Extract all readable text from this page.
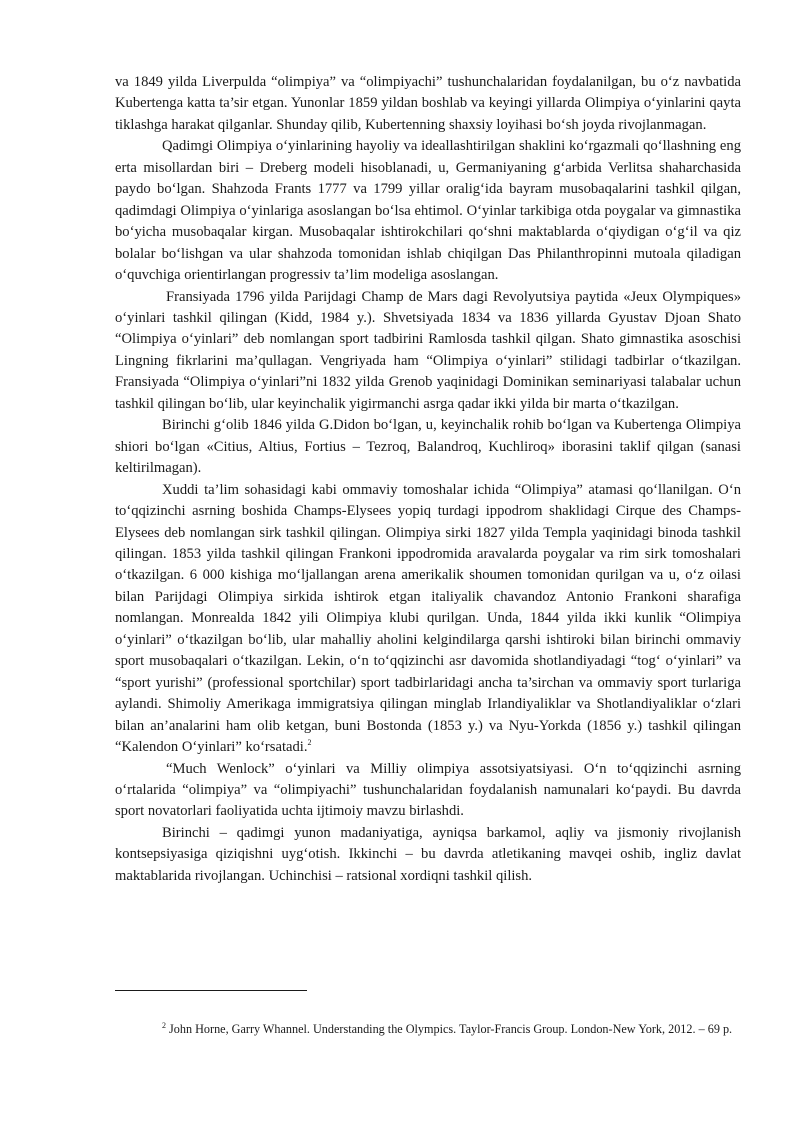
va 1849 yilda Liverpulda “olimpiya” va “olimpiyachi” tushunchalaridan foydalanilgan, bu o‘z navbatida Kubertenga katta ta’sir etgan. Yunonlar 1859 yildan boshlab va keyingi yillarda Olimpiya o‘yinlarini qayta tiklashga harakat qilganlar. Shunday qilib, Kubertenning shaxsiy loyihasi bo‘sh joyda rivojlanmagan.

Qadimgi Olimpiya o‘yinlarining hayoliy va ideallashtirilgan shaklini ko‘rgazmali qo‘llashning eng erta misollardan biri – Dreberg modeli hisoblanadi, u, Germaniyaning g‘arbida Verlitsa shaharchasida paydo bo‘lgan. Shahzoda Frants 1777 va 1799 yillar oralig‘ida bayram musobaqalarini tashkil qilgan, qadimdagi Olimpiya o‘yinlariga asoslangan bo‘lsa ehtimol. O‘yinlar tarkibiga otda poygalar va gimnastika bo‘yicha musobaqalar kirgan. Musobaqalar ishtirokchilari qo‘shni maktablarda o‘qiydigan o‘g‘il va qiz bolalar bo‘lishgan va ular shahzoda tomonidan ishlab chiqilgan Das Philanthropinni mutoala qiladigan o‘quvchiga orientirlangan progressiv ta’lim modeliga asoslangan.

Fransiyada 1796 yilda Parijdagi Champ de Mars dagi Revolyutsiya paytida «Jeux Olympiques» o‘yinlari tashkil qilingan (Kidd, 1984 y.). Shvetsiyada 1834 va 1836 yillarda Gyustav Djoan Shato “Olimpiya o‘yinlari” deb nomlangan sport tadbirini Ramlosda tashkil qilgan. Shato gimnastika asoschisi Lingning fikrlarini ma’qullagan. Vengriyada ham “Olimpiya o‘yinlari” stilidagi tadbirlar o‘tkazilgan. Fransiyada “Olimpiya o‘yinlari”ni 1832 yilda Grenob yaqinidagi Dominikan seminariyasi talabalar uchun tashkil qilingan bo‘lib, ular keyinchalik yigirmanchi asrga qadar ikki yilda bir marta o‘tkazilgan.

Birinchi g‘olib 1846 yilda G.Didon bo‘lgan, u, keyinchalik rohib bo‘lgan va Kubertenga Olimpiya shiori bo‘lgan «Citius, Altius, Fortius – Tezroq, Balandroq, Kuchliroq» iborasini taklif qilgan (sanasi keltirilmagan).

Xuddi ta’lim sohasidagi kabi ommaviy tomoshalar ichida “Olimpiya” atamasi qo‘llanilgan. O‘n to‘qqizinchi asrning boshida Champs-Elysees yopiq turdagi ippodrom shaklidagi Cirque des Champs-Elysees deb nomlangan sirk tashkil qilingan. Olimpiya sirki 1827 yilda Templa yaqinidagi binoda tashkil qilingan. 1853 yilda tashkil qilingan Frankoni ippodromida aravalarda poygalar va rim sirk tomoshalari o‘tkazilgan. 6 000 kishiga mo‘ljallangan arena amerikalik shoumen tomonidan qurilgan va u, o‘z oilasi bilan Parijdagi Olimpiya sirkida ishtirok etgan italiyalik chavandoz Antonio Frankoni sharafiga nomlangan. Monrealda 1842 yili Olimpiya klubi qurilgan. Unda, 1844 yilda ikki kunlik “Olimpiya o‘yinlari” o‘tkazilgan bo‘lib, ular mahalliy aholini kelgindilarga qarshi ishtiroki bilan birinchi ommaviy sport musobaqalari o‘tkazilgan. Lekin, o‘n to‘qqizinchi asr davomida shotlandiyadagi “tog‘ o‘yinlari” va “sport yurishi” (professional sportchilar) sport tadbirlaridagi ancha ta’sirchan va ommaviy sport turlariga aylandi. Shimoliy Amerikaga immigratsiya qilingan minglab Irlandiyaliklar va Shotlandiyaliklar o‘zlari bilan an’analarini ham olib ketgan, buni Bostonda (1853 y.) va Nyu-Yorkda (1856 y.) tashkil qilingan “Kalendon O‘yinlari” ko‘rsatadi.$^2$

“Much Wenlock” o‘yinlari va Milliy olimpiya assotsiyatsiyasi. O‘n to‘qqizinchi asrning o‘rtalarida “olimpiya” va “olimpiyachi” tushunchalaridan foydalanish namunalari ko‘paydi. Bu davrda sport novatorlari faoliyatida uchta ijtimoiy mavzu birlashdi.

Birinchi – qadimgi yunon madaniyatiga, ayniqsa barkamol, aqliy va jismoniy rivojlanish kontsepsiyasiga qiziqishni uyg‘otish. Ikkinchi – bu davrda atletikaning mavqei oshib, ingliz davlat maktablarida rivojlangan. Uchinchisi – ratsional xordiqni tashkil qilish.

$^2$ John Horne, Garry Whannel. Understanding the Olympics. Taylor-Francis Group. London-New York, 2012. – 69 p.
